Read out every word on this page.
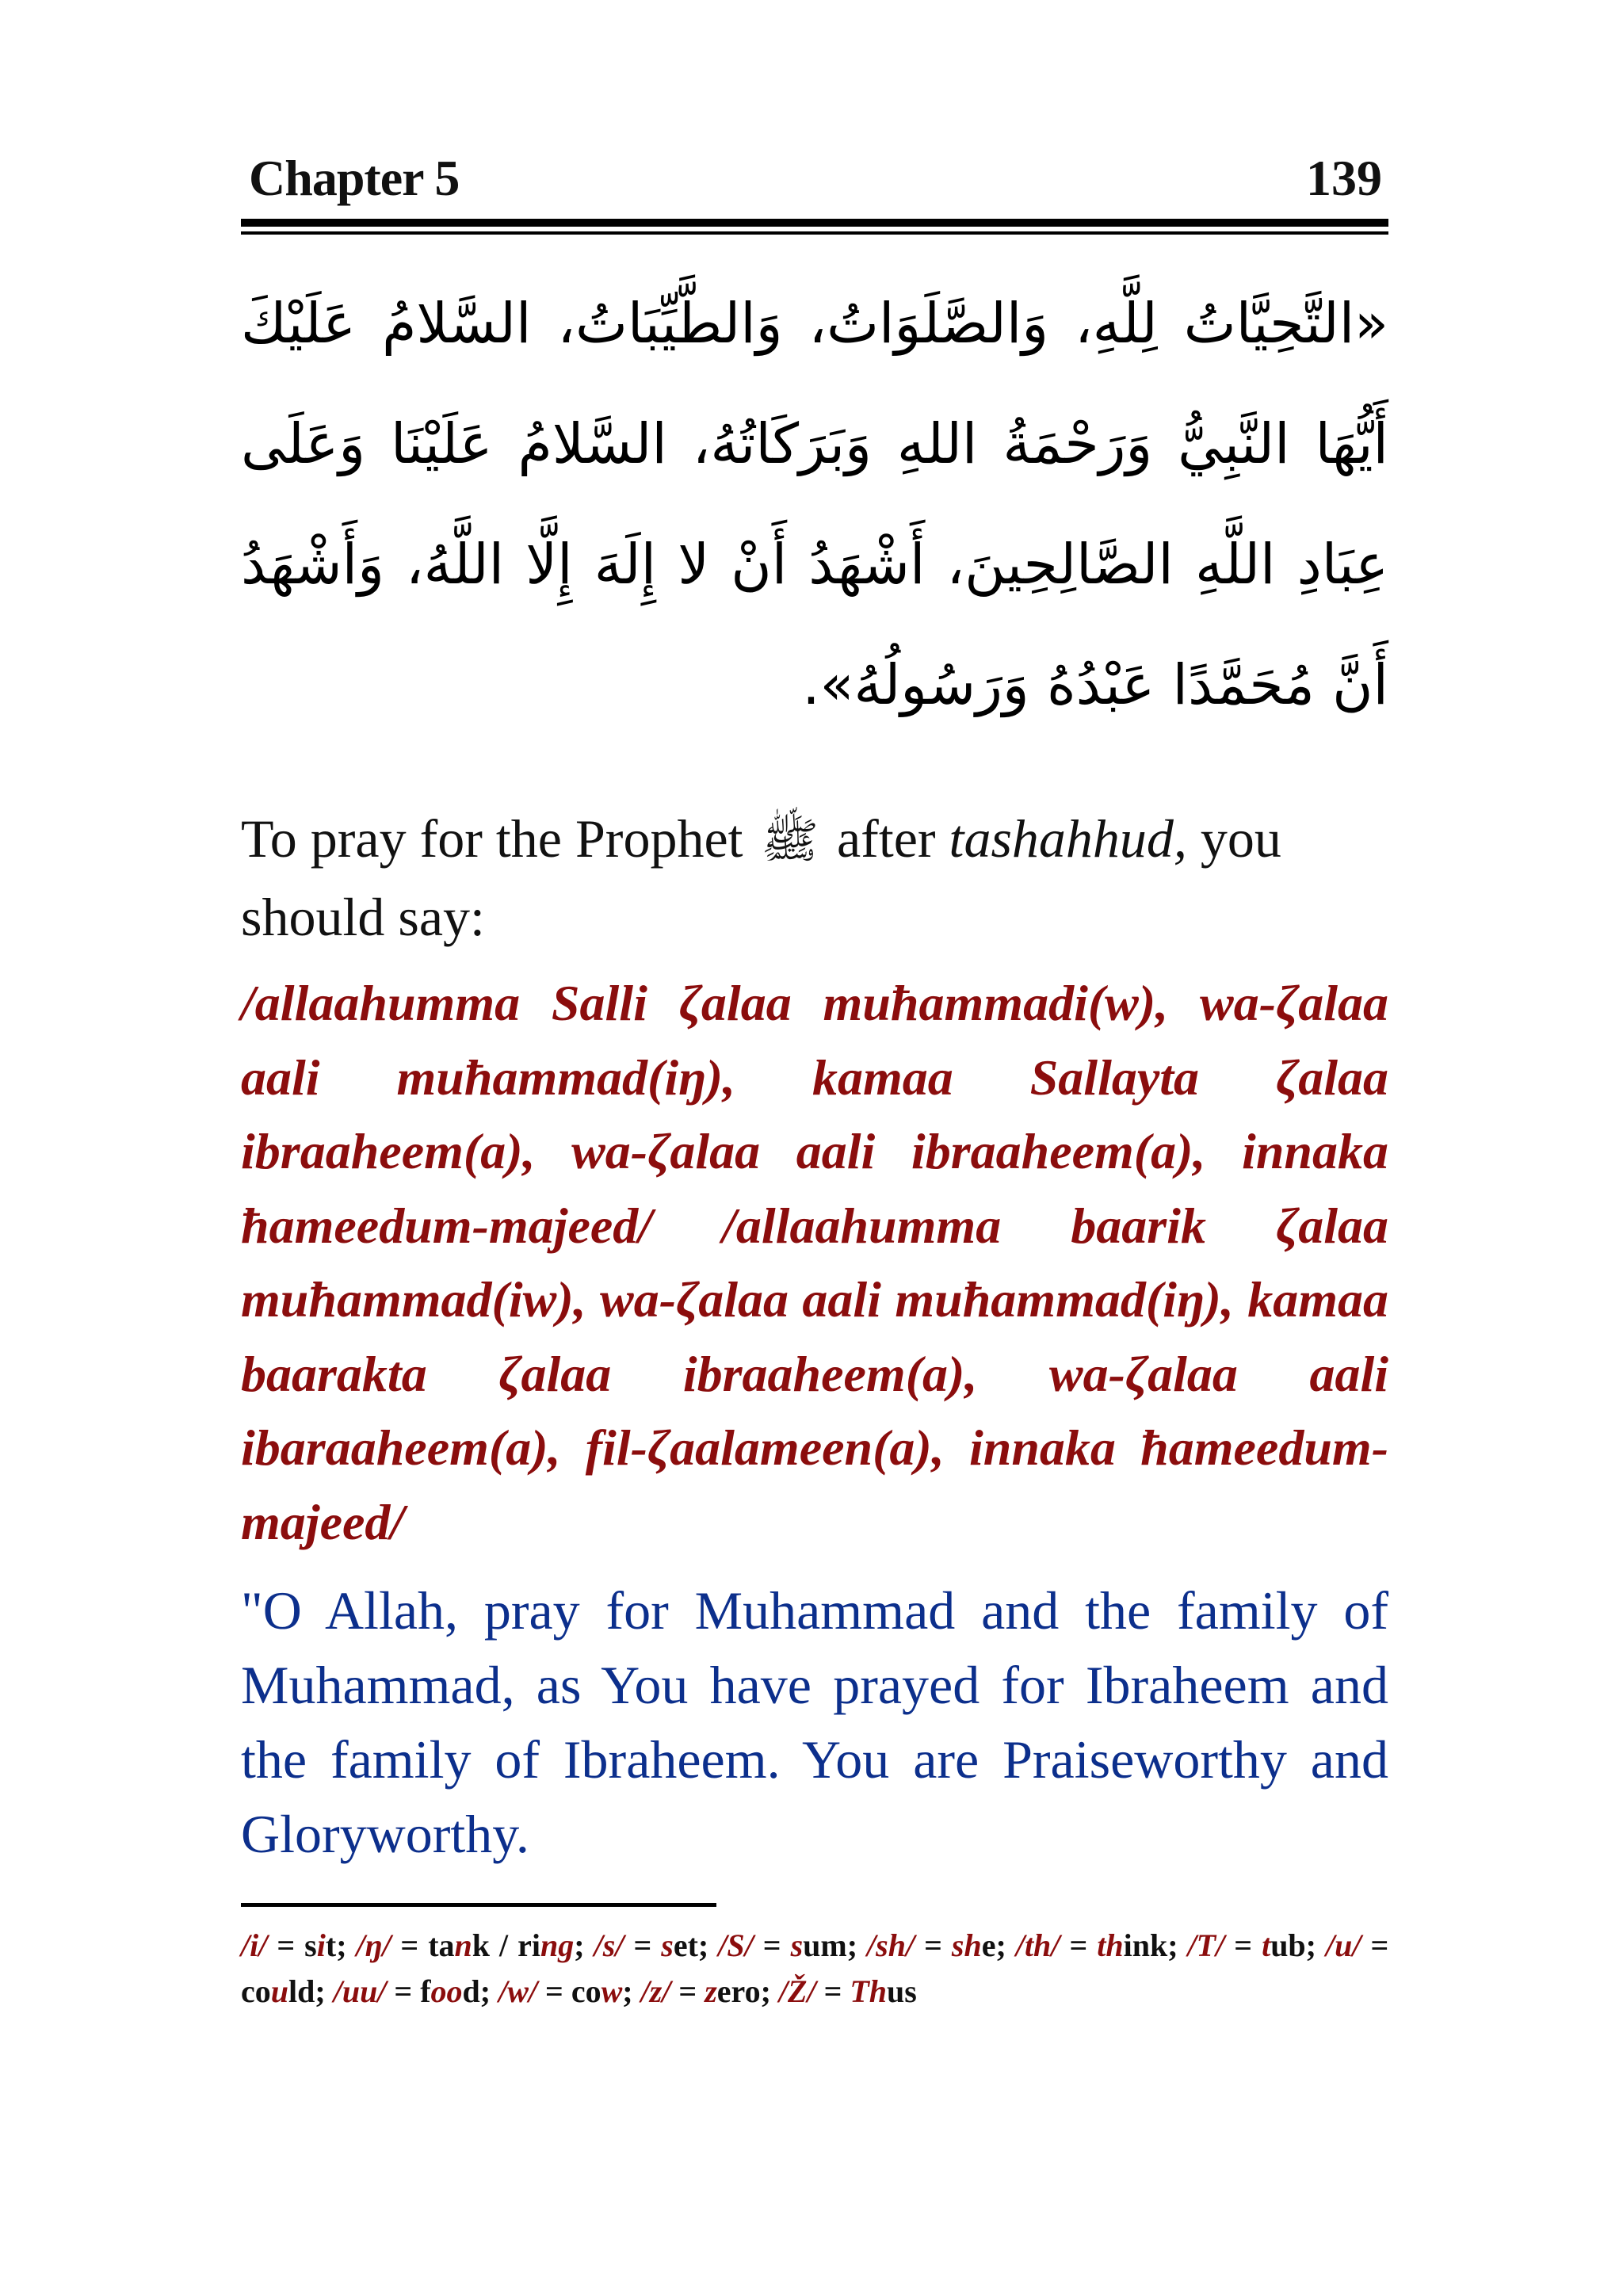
Chapter 5	139
«التَّحِيَّاتُ لِلَّهِ، وَالصَّلَوَاتُ، وَالطَّيِّبَاتُ، السَّلامُ عَلَيْكَ أَيُّهَا النَّبِيُّ وَرَحْمَةُ اللهِ وَبَرَكَاتُهُ، السَّلامُ عَلَيْنَا وَعَلَى عِبَادِ اللَّهِ الصَّالِحِينَ، أَشْهَدُ أَنْ لا إِلَهَ إِلَّا اللَّهُ، وَأَشْهَدُ أَنَّ مُحَمَّدًا عَبْدُهُ وَرَسُولُهُ».
To pray for the Prophet ﷺ after tashahhud, you should say:
/allaahumma Salli ζalaa muħammadi(w), wa-ζalaa aali muħammad(iŋ), kamaa Sallayta ζalaa ibraaheem(a), wa-ζalaa aali ibraaheem(a), innaka ħameedum-majeed/ /allaahumma baarik ζalaa muħammad(iw), wa-ζalaa aali muħammad(iŋ), kamaa baarakta ζalaa ibraaheem(a), wa-ζalaa aali ibaraaheem(a), fil-ζaalameen(a), innaka ħameedum-majeed/
"O Allah, pray for Muhammad and the family of Muhammad, as You have prayed for Ibraheem and the family of Ibraheem. You are Praiseworthy and Gloryworthy.
/i/ = sit; /ŋ/ = tank / ring; /s/ = set; /S/ = sum; /sh/ = she; /th/ = think; /T/ = tub; /u/ = could; /uu/ = food; /w/ = cow; /z/ = zero; /Ž/ = Thus
